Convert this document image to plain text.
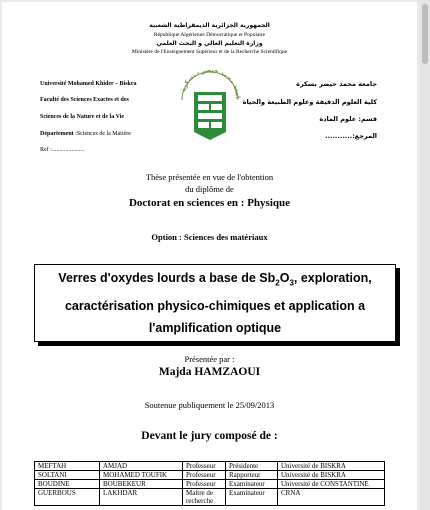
الجمهورية الجزائرية الديمقراطية الشعبية
République Algérienne Démocratique et Populaire
وزارة التعليم العالي و البحث العلمي
Ministère de l'Enseignement Supérieur et de la Recherche Scientifique
Université Mohamed Khider – Biskra
Faculté des Sciences Exactes et des
Sciences de la Nature et de la Vie
Département :Sciences de la Matière
Ref :......................
امعة محمد خيضر - بسكرة
جامعة محمد خيضر بسكرة
كلية العلوم الدقيقة وعلوم الطبيعة والحياة
قسم: علوم المادة
المرجع:...........
Thèse présentée en vue de l'obtention
du diplôme de
Doctorat en sciences en : Physique
Option : Sciences des matériaux
Verres d'oxydes lourds a base de $Sb_2O_3$, exploration,
caractérisation physico-chimiques et application a
l'amplification optique
Présentée par :
Majda HAMZAOUI
Soutenue publiquement le 25/09/2013
Devant le jury composé de :
MEFTAH	AMJAD	Professeur	Présidente	Université de BISKRA
SOLTANI	MOHAMED TOUFIK	Professeur	Rapporteur	Université de BISKRA
BOUDINE	BOUBEKEUR	Professeur	Examinateur	Université de CONSTANTINE
GUERBOUS	LAKHDAR	Maitre de recherche	Examinateur	CRNA
